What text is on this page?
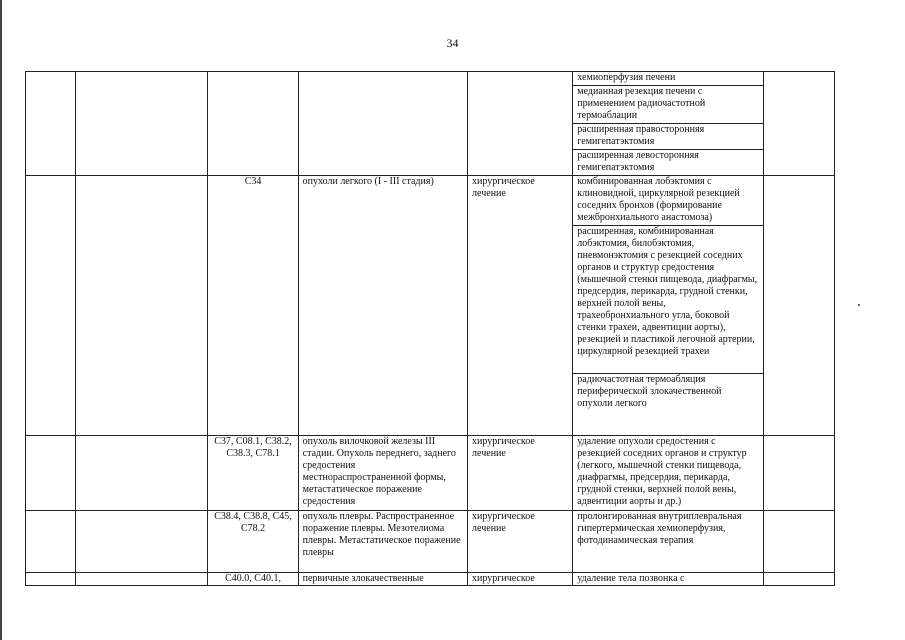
34
					хемиоперфузия печени	
					медианная резекция печени с применением радиочастотной термоаблации	
					расширенная правосторонняя гемигепатэктомия	
					расширенная левосторонняя гемигепатэктомия	
		C34	опухоли легкого (I - III стадия)	хирургическое лечение	комбинированная лобэктомия с клиновидной, циркулярной резекцией соседних бронхов (формирование межбронхиального анастомоза)	
					расширенная, комбинированная лобэктомия, билобэктомия, пневмонэктомия с резекцией соседних органов и структур средостения (мышечной стенки пищевода, диафрагмы, предсердия, перикарда, грудной стенки, верхней полой вены, трахеобронхиального угла, боковой стенки трахеи, адвентиции аорты), резекцией и пластикой легочной артерии, циркулярной резекцией трахеи	
					радиочастотная термоабляция периферической злокачественной опухоли легкого	
		C37, C08.1, C38.2, C38.3, C78.1	опухоль вилочковой железы III стадии. Опухоль переднего, заднего средостения местнораспространенной формы, метастатическое поражение средостения	хирургическое лечение	удаление опухоли средостения с резекцией соседних органов и структур (легкого, мышечной стенки пищевода, диафрагмы, предсердия, перикарда, грудной стенки, верхней полой вены, адвентиции аорты и др.)	
		C38.4, C38.8, C45, C78.2	опухоль плевры. Распространенное поражение плевры. Мезотелиома плевры. Метастатическое поражение плевры	хирургическое лечение	пролонгированная внутриплевральная гипертермическая хемиоперфузия, фотодинамическая терапия	
		C40.0, C40.1,	первичные злокачественные	хирургическое	удаление тела позвонка с	
